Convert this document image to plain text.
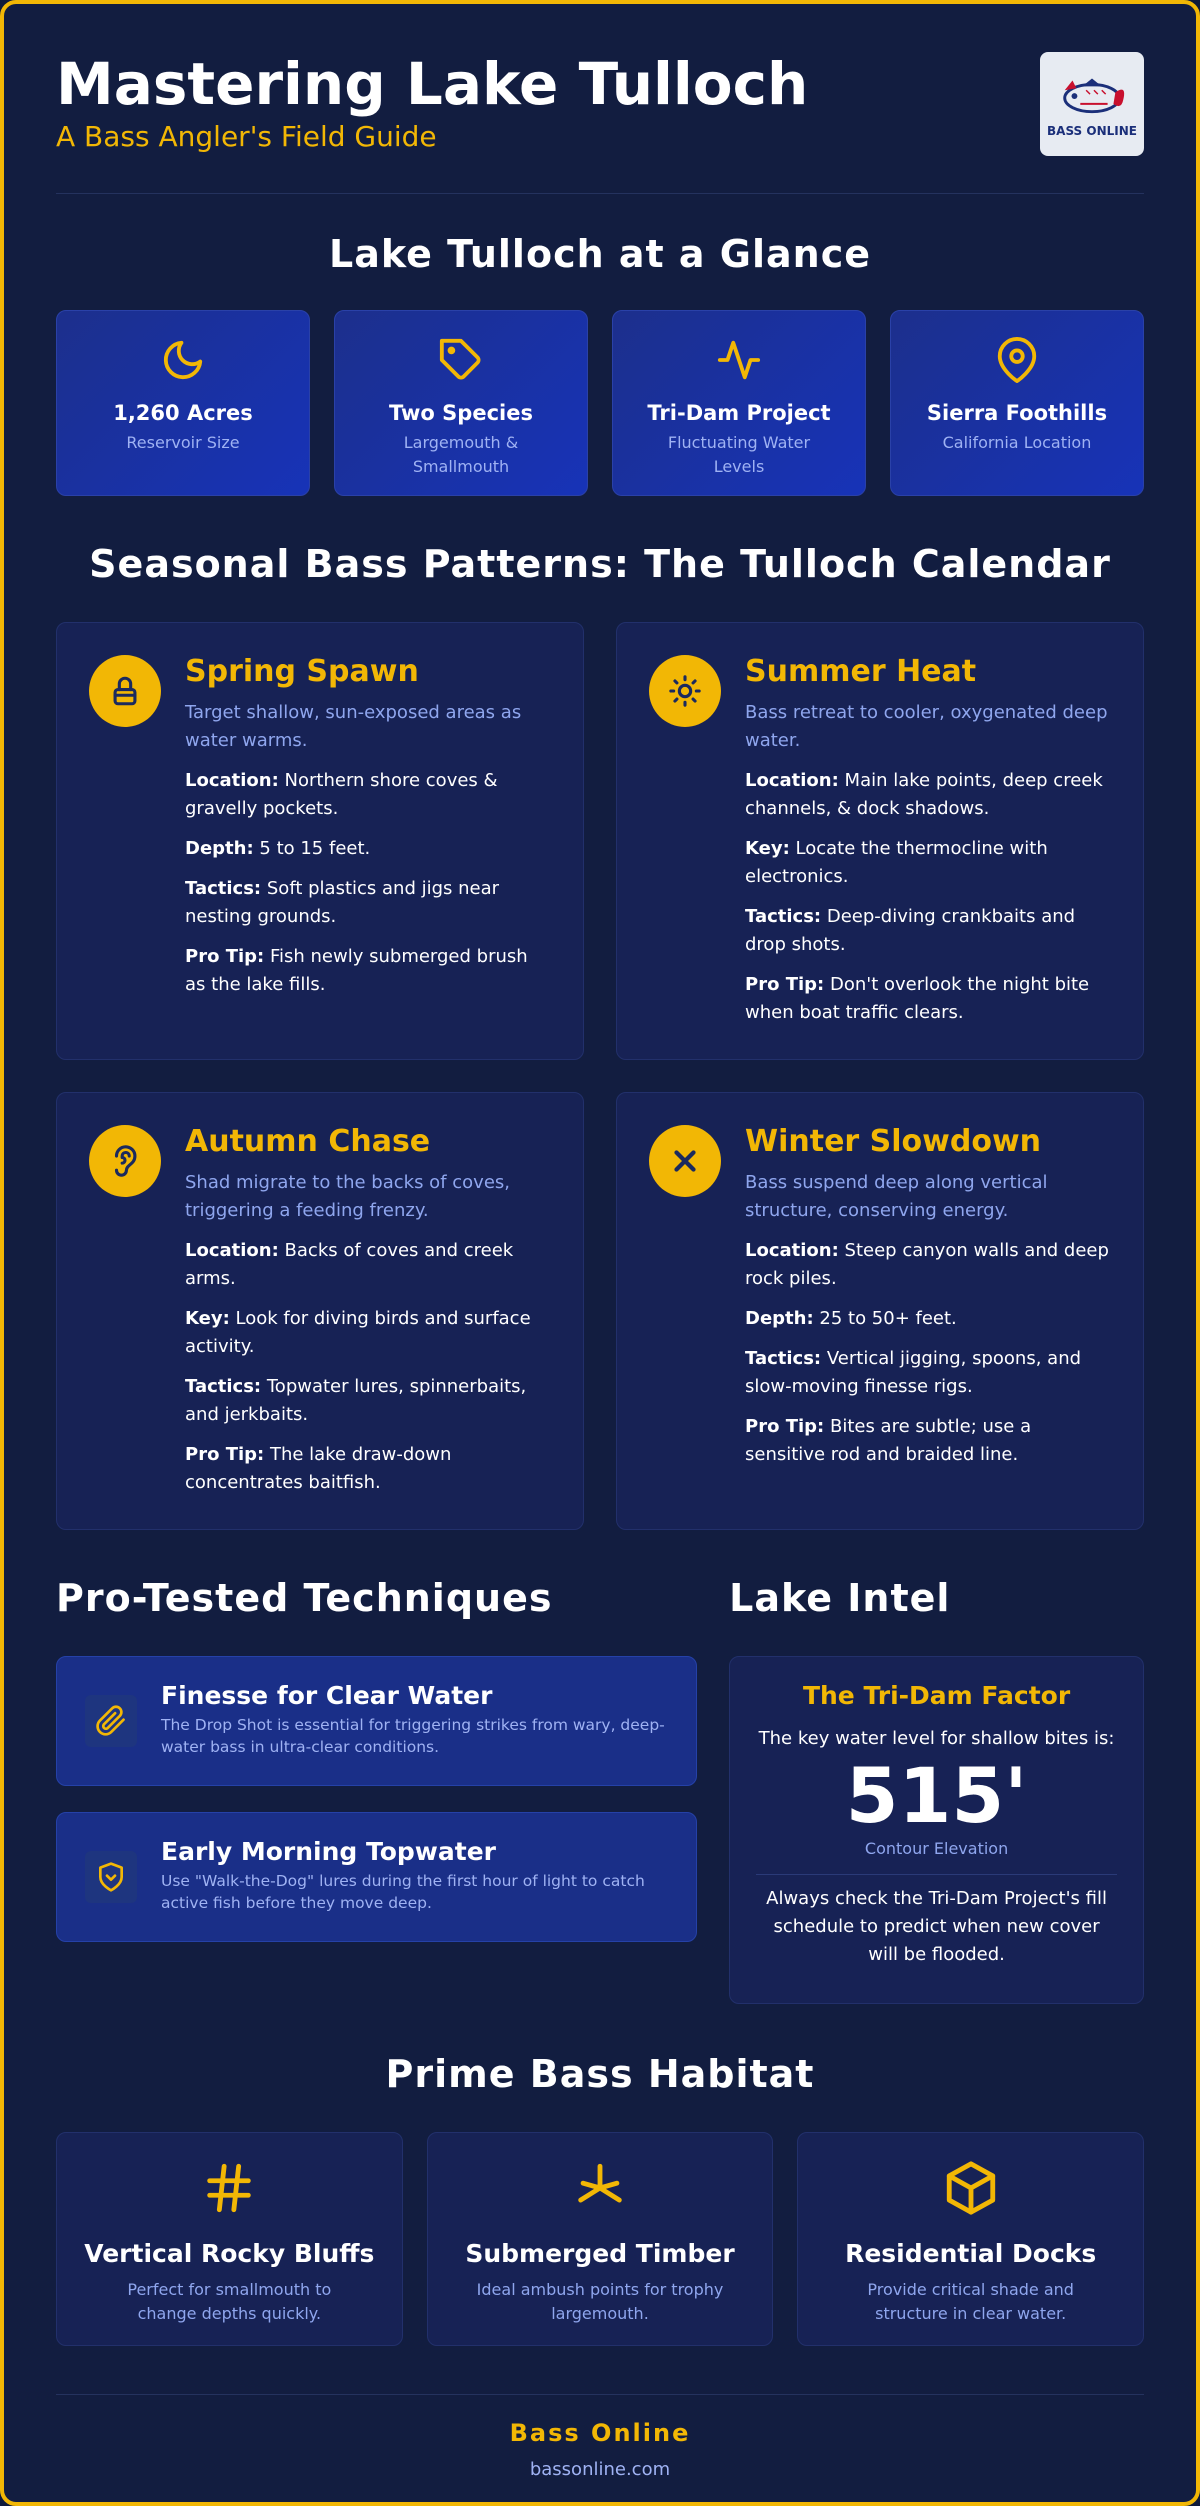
Mastering Lake Tulloch
A Bass Angler's Field Guide	BASS ONLINE
Lake Tulloch at a Glance
1,260 Acres
Reservoir Size
Two Species
Largemouth & Smallmouth
Tri-Dam Project
Fluctuating Water Levels
Sierra Foothills
California Location
Seasonal Bass Patterns: The Tulloch Calendar
Spring Spawn
Target shallow, sun-exposed areas as water warms.
Location: Northern shore coves & gravelly pockets.
Depth: 5 to 15 feet.
Tactics: Soft plastics and jigs near nesting grounds.
Pro Tip: Fish newly submerged brush as the lake fills.
Summer Heat
Bass retreat to cooler, oxygenated deep water.
Location: Main lake points, deep creek channels, & dock shadows.
Key: Locate the thermocline with electronics.
Tactics: Deep-diving crankbaits and drop shots.
Pro Tip: Don't overlook the night bite when boat traffic clears.
Autumn Chase
Shad migrate to the backs of coves, triggering a feeding frenzy.
Location: Backs of coves and creek arms.
Key: Look for diving birds and surface activity.
Tactics: Topwater lures, spinnerbaits, and jerkbaits.
Pro Tip: The lake draw-down concentrates baitfish.
Winter Slowdown
Bass suspend deep along vertical structure, conserving energy.
Location: Steep canyon walls and deep rock piles.
Depth: 25 to 50+ feet.
Tactics: Vertical jigging, spoons, and slow-moving finesse rigs.
Pro Tip: Bites are subtle; use a sensitive rod and braided line.
Pro-Tested Techniques
Finesse for Clear Water
The Drop Shot is essential for triggering strikes from wary, deep-water bass in ultra-clear conditions.
Early Morning Topwater
Use "Walk-the-Dog" lures during the first hour of light to catch active fish before they move deep.
Lake Intel
The Tri-Dam Factor
The key water level for shallow bites is:
515'
Contour Elevation
Always check the Tri-Dam Project's fill schedule to predict when new cover will be flooded.
Prime Bass Habitat
Vertical Rocky Bluffs
Perfect for smallmouth to change depths quickly.
Submerged Timber
Ideal ambush points for trophy largemouth.
Residential Docks
Provide critical shade and structure in clear water.
Bass Online
bassonline.com
